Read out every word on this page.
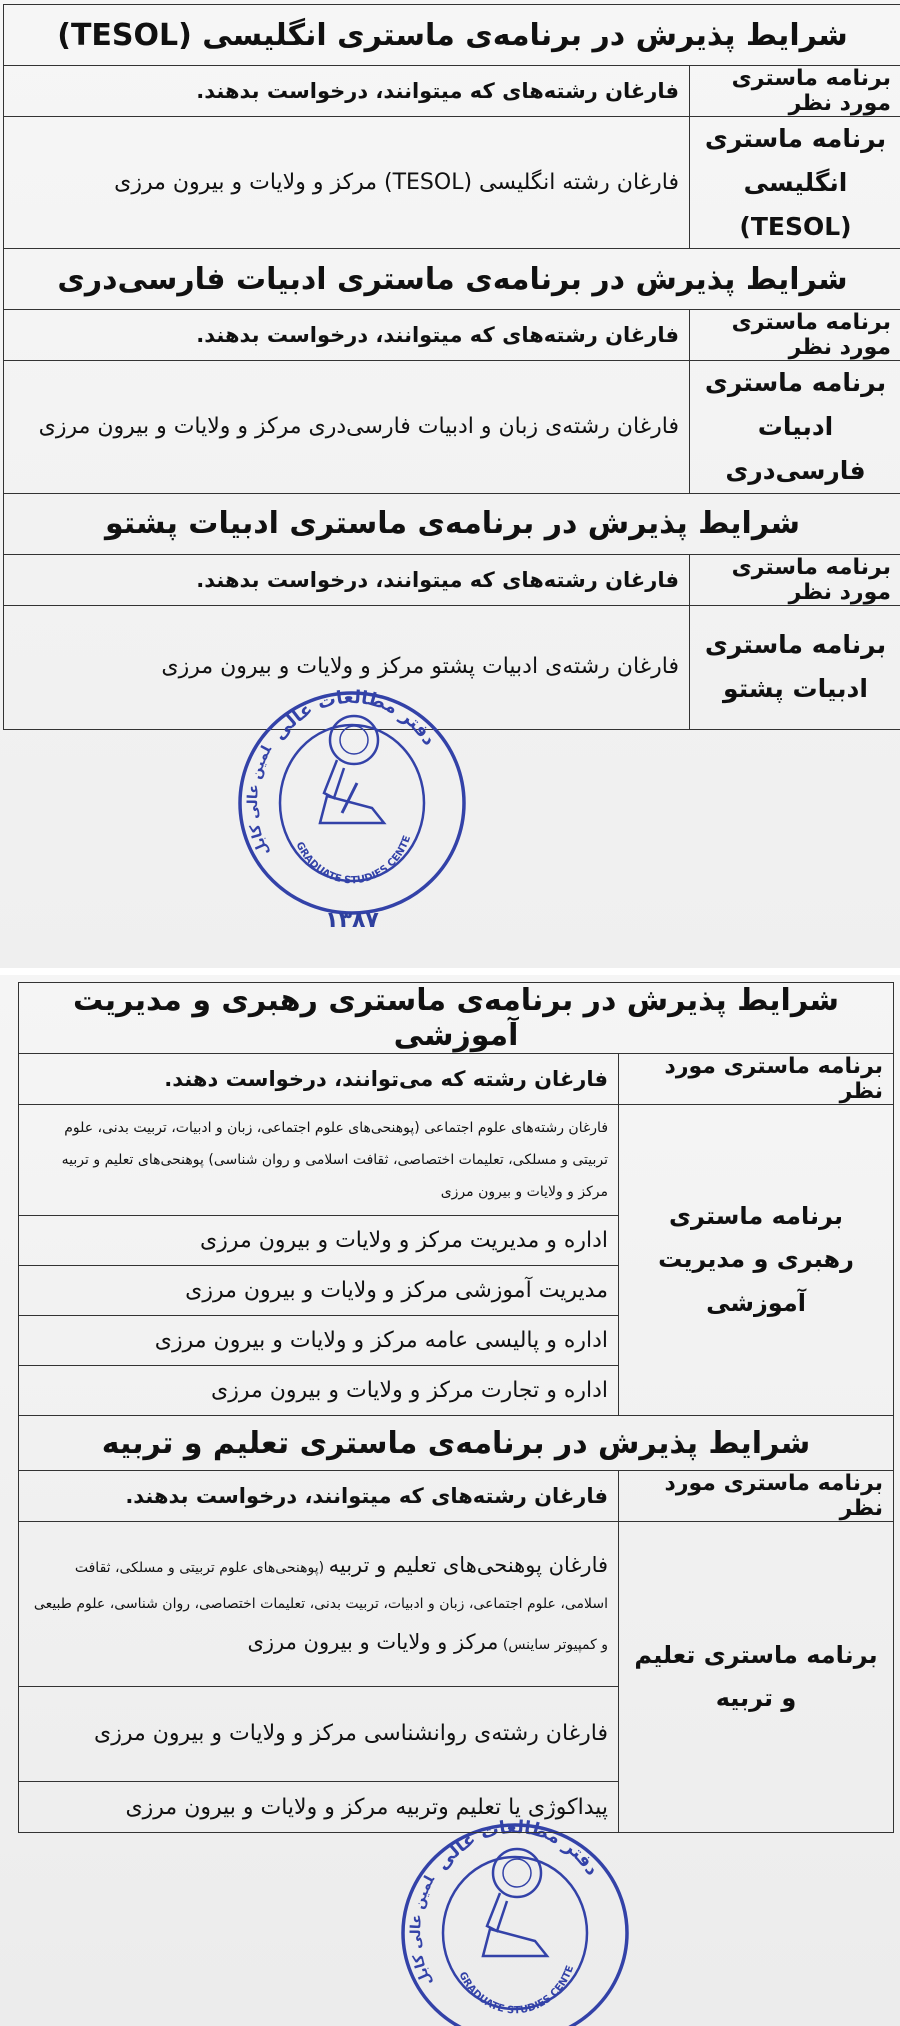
شرایط پذیرش در برنامه‌ی ماستری انگلیسی (TESOL)	
برنامه ماستری مورد نظر	فارغان رشته‌های که میتوانند، درخواست بدهند.
برنامه ماستری انگلیسی (TESOL)	فارغان رشته انگلیسی (TESOL) مرکز و ولایات و بیرون مرزی
شرایط پذیرش در برنامه‌ی ماستری ادبیات فارسی‌دری	
برنامه ماستری مورد نظر	فارغان رشته‌های که میتوانند، درخواست بدهند.
برنامه ماستری ادبیات فارسی‌دری	فارغان رشته‌ی زبان و ادبیات فارسی‌دری مرکز و ولایات و بیرون مرزی
شرایط پذیرش در برنامه‌ی ماستری ادبیات پشتو	
برنامه ماستری مورد نظر	فارغان رشته‌های که میتوانند، درخواست بدهند.
برنامه ماستری ادبیات پشتو	فارغان رشته‌ی ادبیات پشتو مرکز و ولایات و بیرون مرزی
دفتر مطالعات عالی
GRADUATE STUDIES CENTE
لمین عالی کابل
۱۳۸۷
دفتر مطالعات عالی
GRADUATE STUDIES CENTE
لمین عالی کابل
شرایط پذیرش در برنامه‌ی ماستری رهبری و مدیریت آموزشی	
برنامه ماستری مورد نظر	فارغان رشته که می‌توانند، درخواست دهند.
برنامه ماستری رهبری و مدیریت آموزشی	فارغان رشته‌های علوم اجتماعی (پوهنحی‌های علوم اجتماعی، زبان و ادبیات، تربیت بدنی، علوم تربیتی و مسلکی، تعلیمات اختصاصی، ثقافت اسلامی و روان شناسی) پوهنحی‌های تعلیم و تربیه مرکز و ولایات و بیرون مرزی
	اداره و مدیریت مرکز و ولایات و بیرون مرزی
	مدیریت آموزشی مرکز و ولایات و بیرون مرزی
	اداره و پالیسی عامه مرکز و ولایات و بیرون مرزی
	اداره و تجارت مرکز و ولایات و بیرون مرزی
شرایط پذیرش در برنامه‌ی ماستری تعلیم و تربیه	
برنامه ماستری مورد نظر	فارغان رشته‌های که میتوانند، درخواست بدهند.
برنامه ماستری تعلیم و تربیه	فارغان پوهنحی‌های تعلیم و تربیه (پوهنحی‌های علوم تربیتی و مسلکی، ثقافت اسلامی، علوم اجتماعی، زبان و ادبیات، تربیت بدنی، تعلیمات اختصاصی، روان شناسی، علوم طبیعی و کمپیوتر ساینس) مرکز و ولایات و بیرون مرزی
	فارغان رشته‌ی روانشناسی مرکز و ولایات و بیرون مرزی
	پیداکوژی یا تعلیم وتربیه مرکز و ولایات و بیرون مرزی
